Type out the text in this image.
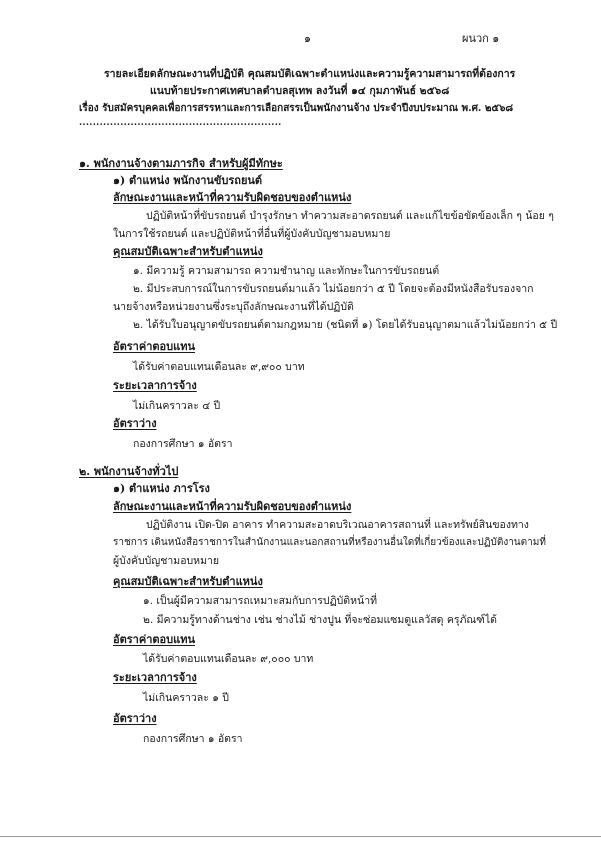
๑	ผนวก ๑
รายละเอียดลักษณะงานที่ปฏิบัติ คุณสมบัติเฉพาะตำแหน่งและความรู้ความสามารถที่ต้องการ
แนบท้ายประกาศเทศบาลตำบลสุเทพ ลงวันที่ ๑๔ กุมภาพันธ์ ๒๕๖๘
เรื่อง รับสมัครบุคคลเพื่อการสรรหาและการเลือกสรรเป็นพนักงานจ้าง ประจำปีงบประมาณ พ.ศ. ๒๕๖๘
...........................................................
๑. พนักงานจ้างตามภารกิจ สำหรับผู้มีทักษะ
๑) ตำแหน่ง พนักงานขับรถยนต์
ลักษณะงานและหน้าที่ความรับผิดชอบของตำแหน่ง
ปฏิบัติหน้าที่ขับรถยนต์ บำรุงรักษา ทำความสะอาดรถยนต์ และแก้ไขข้อขัดข้องเล็ก ๆ น้อย ๆ
ในการใช้รถยนต์ และปฏิบัติหน้าที่อื่นที่ผู้บังคับบัญชามอบหมาย
คุณสมบัติเฉพาะสำหรับตำแหน่ง
๑. มีความรู้ ความสามารถ ความชำนาญ และทักษะในการขับรถยนต์
๒. มีประสบการณ์ในการขับรถยนต์มาแล้ว ไม่น้อยกว่า ๕ ปี โดยจะต้องมีหนังสือรับรองจาก
นายจ้างหรือหน่วยงานซึ่งระบุถึงลักษณะงานที่ได้ปฏิบัติ
๒. ได้รับใบอนุญาตขับรถยนต์ตามกฎหมาย (ชนิดที่ ๑) โดยได้รับอนุญาตมาแล้วไม่น้อยกว่า ๕ ปี
อัตราค่าตอบแทน
ได้รับค่าตอบแทนเดือนละ ๙,๙๐๐ บาท
ระยะเวลาการจ้าง
ไม่เกินคราวละ ๔ ปี
อัตราว่าง
กองการศึกษา ๑ อัตรา
๒. พนักงานจ้างทั่วไป
๑) ตำแหน่ง ภารโรง
ลักษณะงานและหน้าที่ความรับผิดชอบของตำแหน่ง
ปฏิบัติงาน เปิด-ปิด อาคาร ทำความสะอาดบริเวณอาคารสถานที่ และทรัพย์สินของทาง
ราชการ เดินหนังสือราชการในสำนักงานและนอกสถานที่หรืองานอื่นใดที่เกี่ยวข้องและปฏิบัติงานตามที่
ผู้บังคับบัญชามอบหมาย
คุณสมบัติเฉพาะสำหรับตำแหน่ง
๑. เป็นผู้มีความสามารถเหมาะสมกับการปฏิบัติหน้าที่
๒. มีความรู้ทางด้านช่าง เช่น ช่างไม้ ช่างปูน ที่จะซ่อมแซมดูแลวัสดุ ครุภัณฑ์ได้
อัตราค่าตอบแทน
ได้รับค่าตอบแทนเดือนละ ๙,๐๐๐ บาท
ระยะเวลาการจ้าง
ไม่เกินคราวละ ๑ ปี
อัตราว่าง
กองการศึกษา ๑ อัตรา
